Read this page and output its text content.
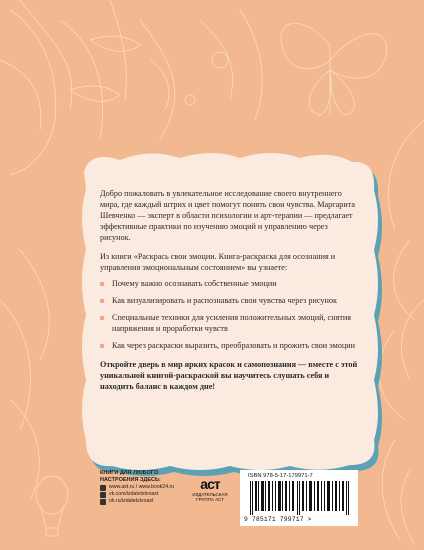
Добро пожаловать в увлекательное исследование своего внутреннего мира, где каждый штрих и цвет помогут понять свои чувства. Маргарита Шевченко — эксперт в области психологии и арт-терапии — предлагает эффективные практики по изучению эмоций и управлению через рисунок.

Из книги «Раскрась свои эмоции. Книга-раскраска для осознания и управления эмоциональным состоянием» вы узнаете:

Почему важно осознавать собственные эмоции
Как визуализировать и распознавать свои чувства через рисунок
Специальные техники для усиления положительных эмоций, снятия напряжения и проработки чувств
Как через раскраски выразить, преобразовать и прожить свои эмоции

Откройте дверь в мир ярких красок и самопознания — вместе с этой уникальной книгой-раскраской вы научитесь слушать себя и находить баланс в каждом дне!

КНИГИ ДЛЯ ЛЮБОГО
НАСТРОЕНИЯ ЗДЕСЬ:
www.ast.ru / www.book24.ru
vk.com/izdatelstvoast
ok.ru/izdatelstvoast
аст
ИЗДАТЕЛЬСКАЯ
ГРУППА АСТ
ISBN 978-5-17-179971-7
9 785171 799717 >
